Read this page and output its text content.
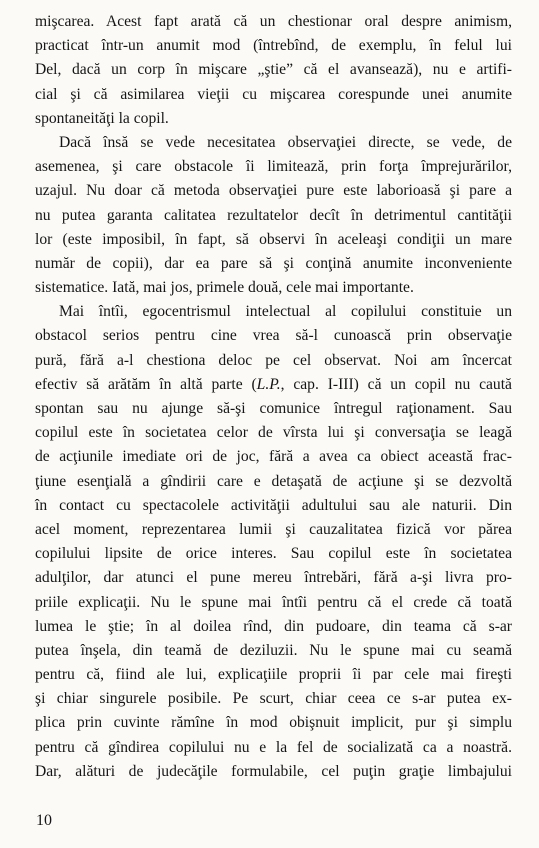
mişcarea. Acest fapt arată că un chestionar oral despre animism,
practicat într-un anumit mod (întrebînd, de exemplu, în felul lui
Del, dacă un corp în mişcare „ştie” că el avansează), nu e artifi-
cial şi că asimilarea vieţii cu mişcarea corespunde unei anumite
spontaneităţi la copil.
Dacă însă se vede necesitatea observaţiei directe, se vede, de
asemenea, şi care obstacole îi limitează, prin forţa împrejurărilor,
uzajul. Nu doar că metoda observaţiei pure este laborioasă şi pare a
nu putea garanta calitatea rezultatelor decît în detrimentul cantităţii
lor (este imposibil, în fapt, să observi în aceleaşi condiţii un mare
număr de copii), dar ea pare să şi conţină anumite inconveniente
sistematice. Iată, mai jos, primele două, cele mai importante.
Mai întîi, egocentrismul intelectual al copilului constituie un
obstacol serios pentru cine vrea să-l cunoască prin observaţie
pură, fără a-l chestiona deloc pe cel observat. Noi am încercat
efectiv să arătăm în altă parte (L.P., cap. I-III) că un copil nu caută
spontan sau nu ajunge să-şi comunice întregul raţionament. Sau
copilul este în societatea celor de vîrsta lui şi conversaţia se leagă
de acţiunile imediate ori de joc, fără a avea ca obiect această frac-
ţiune esenţială a gîndirii care e detaşată de acţiune şi se dezvoltă
în contact cu spectacolele activităţii adultului sau ale naturii. Din
acel moment, reprezentarea lumii şi cauzalitatea fizică vor părea
copilului lipsite de orice interes. Sau copilul este în societatea
adulţilor, dar atunci el pune mereu întrebări, fără a-şi livra pro-
priile explicaţii. Nu le spune mai întîi pentru că el crede că toată
lumea le ştie; în al doilea rînd, din pudoare, din teama că s-ar
putea înşela, din teamă de deziluzii. Nu le spune mai cu seamă
pentru că, fiind ale lui, explicaţiile proprii îi par cele mai fireşti
şi chiar singurele posibile. Pe scurt, chiar ceea ce s-ar putea ex-
plica prin cuvinte rămîne în mod obişnuit implicit, pur şi simplu
pentru că gîndirea copilului nu e la fel de socializată ca a noastră.
Dar, alături de judecăţile formulabile, cel puţin graţie limbajului
10
